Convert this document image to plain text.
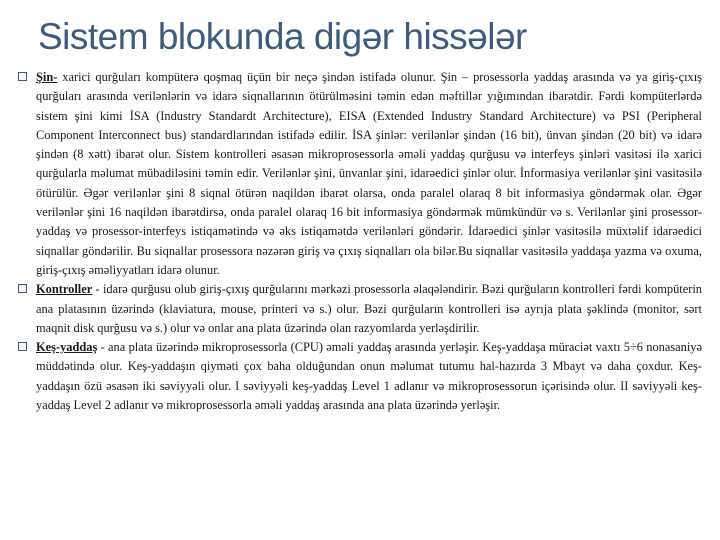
Sistem blokunda digər hissələr
Şin- xarici qurğuları kompüterə qoşmaq üçün bir neçə şindən istifadə olunur. Şin – prosessorla yaddaş arasında və ya giriş-çıxış qurğuları arasında verilənlərin və idarə siqnallarının ötürülməsini təmin edən məftillər yığımından ibarətdir. Fərdi kompüterlərdə sistem şini kimi İSA (Industry Standardt Architecture), EISA (Extended Industry Standard Architecture) və PSI (Peripheral Component Interconnect bus) standardlarından istifadə edilir. İSA şinlər: verilənlər şindən (16 bit), ünvan şindən (20 bit) və idarə şindən (8 xətt) ibarət olur. Sistem kontrolleri əsasən mikroprosessorla əməli yaddaş qurğusu və interfeys şinləri vasitəsi ilə xarici qurğularla məlumat mübadiləsini təmin edir. Verilənlər şini, ünvanlar şini, idarəedici şinlər olur. İnformasiya verilənlər şini vasitəsilə ötürülür. Əgər verilənlər şini 8 siqnal ötürən naqildən ibarət olarsa, onda paralel olaraq 8 bit informasiya göndərmək olar. Əgər verilənlər şini 16 naqildən ibarətdirsə, onda paralel olaraq 16 bit informasiya göndərmək mümkündür və s. Verilənlər şini prosessor-yaddaş və prosessor-interfeys istiqamətində və əks istiqamətdə verilənləri göndərir. İdarəedici şinlər vasitəsilə müxtəlif idarəedici siqnallar göndərilir. Bu siqnallar prosessora nəzərən giriş və çıxış siqnalları ola bilər.Bu siqnallar vasitəsilə yaddaşa yazma və oxuma, giriş-çıxış əməliyyatları idarə olunur.
Kontroller - idarə qurğusu olub giriş-çıxış qurğularını mərkəzi prosessorla əlaqələndirir. Bəzi qurğuların kontrolleri fərdi kompüterin ana platasının üzərində (klaviatura, mouse, printeri və s.) olur. Bəzi qurğuların kontrolleri isə ayrıja plata şəklində (monitor, sərt maqnit disk qurğusu və s.) olur və onlar ana plata üzərində olan razyomlarda yerləşdirilir.
Keş-yaddaş - ana plata üzərində mikroprosessorla (CPU) əməli yaddaş arasında yerləşir. Keş-yaddaşa müraciət vaxtı 5÷6 nonasaniyə müddətində olur. Keş-yaddaşın qiyməti çox baha olduğundan onun məlumat tutumu hal-hazırda 3 Mbayt və daha çoxdur. Keş-yaddaşın özü əsasən iki səviyyəli olur. I səviyyəli keş-yaddaş Level 1 adlanır və mikroprosessorun içərisində olur. II səviyyəli keş-yaddaş Level 2 adlanır və mikroprosessorla əməli yaddaş arasında ana plata üzərində yerləşir.
